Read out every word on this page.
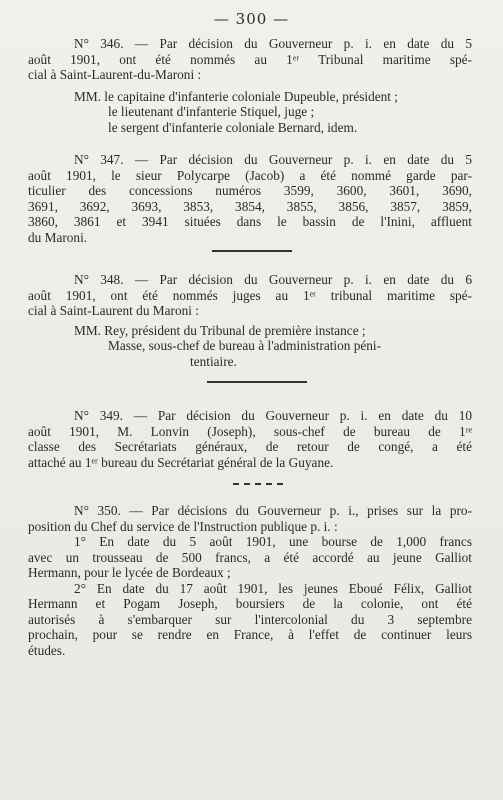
— 300 —
N° 346. — Par décision du Gouverneur p. i. en date du 5
août 1901, ont été nommés au 1ᵉʳ Tribunal maritime spé-
cial à Saint-Laurent-du-Maroni :
MM. le capitaine d'infanterie coloniale Dupeuble, président ;
le lieutenant d'infanterie Stiquel, juge ;
le sergent d'infanterie coloniale Bernard, idem.
N° 347. — Par décision du Gouverneur p. i. en date du 5
août 1901, le sieur Polycarpe (Jacob) a été nommé garde par-
ticulier des concessions numéros 3599, 3600, 3601, 3690,
3691, 3692, 3693, 3853, 3854, 3855, 3856, 3857, 3859,
3860, 3861 et 3941 situées dans le bassin de l'Inini, affluent
du Maroni.
N° 348. — Par décision du Gouverneur p. i. en date du 6
août 1901, ont été nommés juges au 1ᵉʳ tribunal maritime spé-
cial à Saint-Laurent du Maroni :
MM. Rey, président du Tribunal de première instance ;
Masse, sous-chef de bureau à l'administration péni-
tentiaire.
N° 349. — Par décision du Gouverneur p. i. en date du 10
août 1901, M. Lonvin (Joseph), sous-chef de bureau de 1ʳᵉ
classe des Secrétariats généraux, de retour de congé, a été
attaché au 1ᵉʳ bureau du Secrétariat général de la Guyane.
N° 350. — Par décisions du Gouverneur p. i., prises sur la pro-
position du Chef du service de l'Instruction publique p. i. :
1° En date du 5 août 1901, une bourse de 1,000 francs
avec un trousseau de 500 francs, a été accordé au jeune Galliot
Hermann, pour le lycée de Bordeaux ;
2° En date du 17 août 1901, les jeunes Eboué Félix, Galliot
Hermann et Pogam Joseph, boursiers de la colonie, ont été
autorisés à s'embarquer sur l'intercolonial du 3 septembre
prochain, pour se rendre en France, à l'effet de continuer leurs
études.
